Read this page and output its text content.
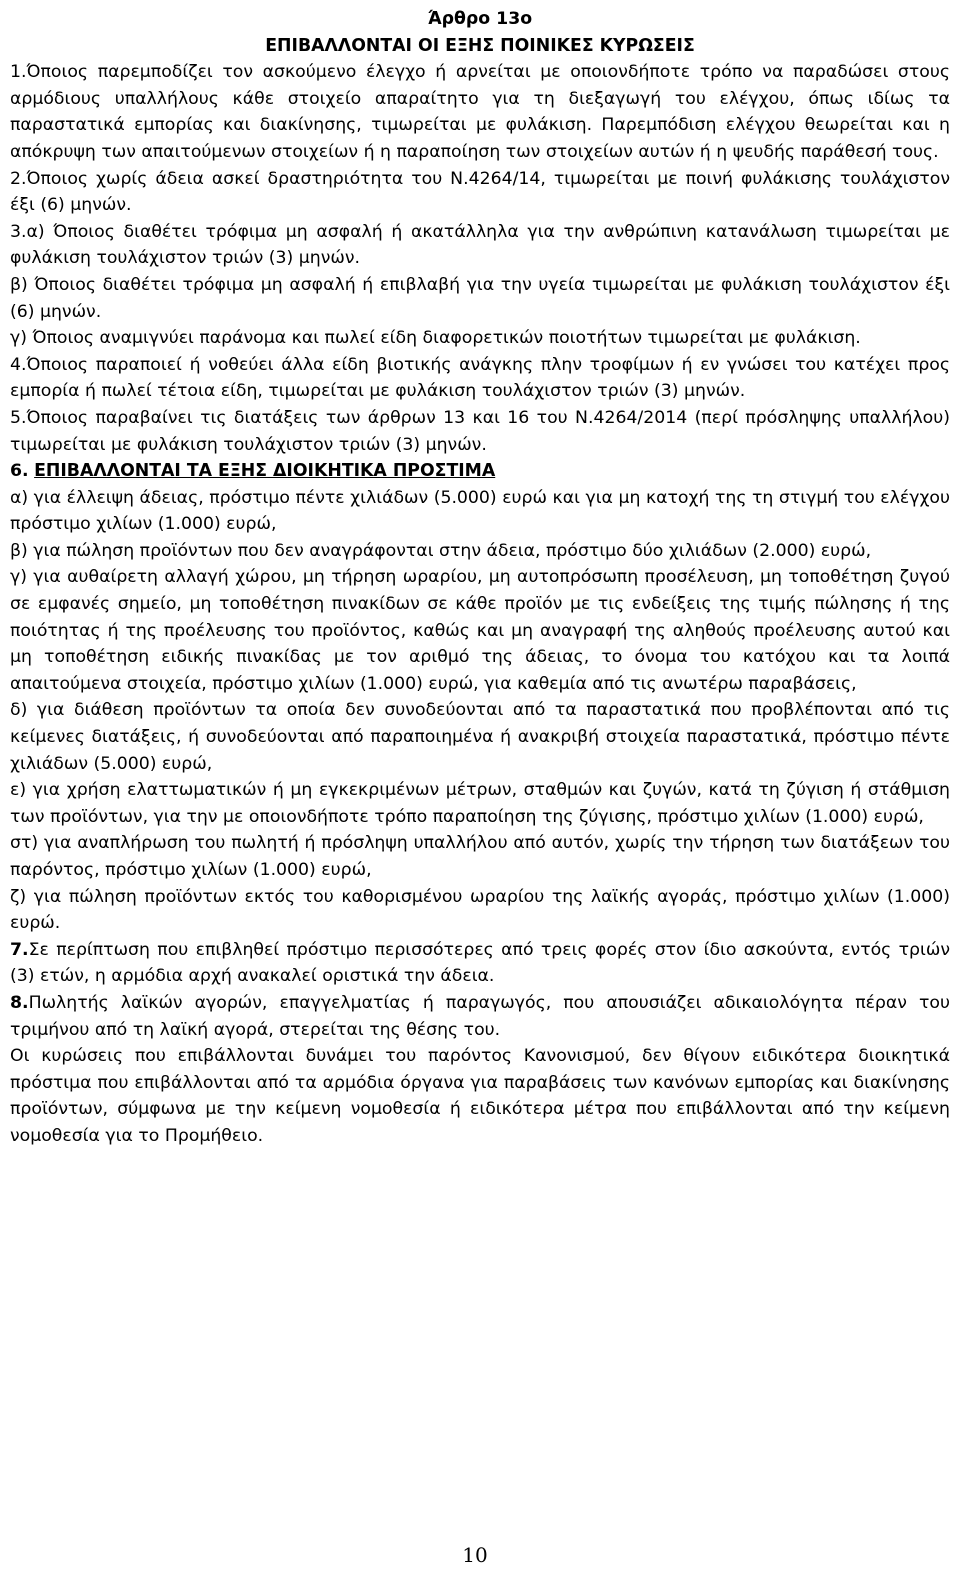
Άρθρο 13ο
ΕΠΙΒΑΛΛΟΝΤΑΙ ΟΙ ΕΞΗΣ ΠΟΙΝΙΚΕΣ ΚΥΡΩΣΕΙΣ

1.Όποιος παρεμποδίζει τον ασκούμενο έλεγχο ή αρνείται με οποιονδήποτε τρόπο να παραδώσει στους αρμόδιους υπαλλήλους κάθε στοιχείο απαραίτητο για τη διεξαγωγή του ελέγχου, όπως ιδίως τα παραστατικά εμπορίας και διακίνησης, τιμωρείται με φυλάκιση. Παρεμπόδιση ελέγχου θεωρείται και η απόκρυψη των απαιτούμενων στοιχείων ή η παραποίηση των στοιχείων αυτών ή η ψευδής παράθεσή τους.

2.Όποιος χωρίς άδεια ασκεί δραστηριότητα του Ν.4264/14, τιμωρείται με ποινή φυλάκισης τουλάχιστον έξι (6) μηνών.

3.α) Όποιος διαθέτει τρόφιμα μη ασφαλή ή ακατάλληλα για την ανθρώπινη κατανάλωση τιμωρείται με φυλάκιση τουλάχιστον τριών (3) μηνών.

β) Όποιος διαθέτει τρόφιμα μη ασφαλή ή επιβλαβή για την υγεία τιμωρείται με φυλάκιση τουλάχιστον έξι (6) μηνών.

γ) Όποιος αναμιγνύει παράνομα και πωλεί είδη διαφορετικών ποιοτήτων τιμωρείται με φυλάκιση.

4.Όποιος παραποιεί ή νοθεύει άλλα είδη βιοτικής ανάγκης πλην τροφίμων ή εν γνώσει του κατέχει προς εμπορία ή πωλεί τέτοια είδη, τιμωρείται με φυλάκιση τουλάχιστον τριών (3) μηνών.

5.Όποιος παραβαίνει τις διατάξεις των άρθρων 13 και 16 του Ν.4264/2014 (περί πρόσληψης υπαλλήλου) τιμωρείται με φυλάκιση τουλάχιστον τριών (3) μηνών.

6. ΕΠΙΒΑΛΛΟΝΤΑΙ ΤΑ ΕΞΗΣ ΔΙΟΙΚΗΤΙΚΑ ΠΡΟΣΤΙΜΑ

α) για έλλειψη άδειας, πρόστιμο πέντε χιλιάδων (5.000) ευρώ και για μη κατοχή της τη στιγμή του ελέγχου πρόστιμο χιλίων (1.000) ευρώ,

β) για πώληση προϊόντων που δεν αναγράφονται στην άδεια, πρόστιμο δύο χιλιάδων (2.000) ευρώ,

γ) για αυθαίρετη αλλαγή χώρου, μη τήρηση ωραρίου, μη αυτοπρόσωπη προσέλευση, μη τοποθέτηση ζυγού σε εμφανές σημείο, μη τοποθέτηση πινακίδων σε κάθε προϊόν με τις ενδείξεις της τιμής πώλησης ή της ποιότητας ή της προέλευσης του προϊόντος, καθώς και μη αναγραφή της αληθούς προέλευσης αυτού και μη τοποθέτηση ειδικής πινακίδας με τον αριθμό της άδειας, το όνομα του κατόχου και τα λοιπά απαιτούμενα στοιχεία, πρόστιμο χιλίων (1.000) ευρώ, για καθεμία από τις ανωτέρω παραβάσεις,

δ) για διάθεση προϊόντων τα οποία δεν συνοδεύονται από τα παραστατικά που προβλέπονται από τις κείμενες διατάξεις, ή συνοδεύονται από παραποιημένα ή ανακριβή στοιχεία παραστατικά, πρόστιμο πέντε χιλιάδων (5.000) ευρώ,

ε) για χρήση ελαττωματικών ή μη εγκεκριμένων μέτρων, σταθμών και ζυγών, κατά τη ζύγιση ή στάθμιση των προϊόντων, για την με οποιονδήποτε τρόπο παραποίηση της ζύγισης, πρόστιμο χιλίων (1.000) ευρώ,

στ) για αναπλήρωση του πωλητή ή πρόσληψη υπαλλήλου από αυτόν, χωρίς την τήρηση των διατάξεων του παρόντος, πρόστιμο χιλίων (1.000) ευρώ,

ζ) για πώληση προϊόντων εκτός του καθορισμένου ωραρίου της λαϊκής αγοράς, πρόστιμο χιλίων (1.000) ευρώ.

7.Σε περίπτωση που επιβληθεί πρόστιμο περισσότερες από τρεις φορές στον ίδιο ασκούντα, εντός τριών (3) ετών, η αρμόδια αρχή ανακαλεί οριστικά την άδεια.

8.Πωλητής λαϊκών αγορών, επαγγελματίας ή παραγωγός, που απουσιάζει αδικαιολόγητα πέραν του τριμήνου από τη λαϊκή αγορά, στερείται της θέσης του.

Οι κυρώσεις που επιβάλλονται δυνάμει του παρόντος Κανονισμού, δεν θίγουν ειδικότερα διοικητικά πρόστιμα που επιβάλλονται από τα αρμόδια όργανα για παραβάσεις των κανόνων εμπορίας και διακίνησης προϊόντων, σύμφωνα με την κείμενη νομοθεσία ή ειδικότερα μέτρα που επιβάλλονται από την κείμενη νομοθεσία για το Προμήθειο.

10
